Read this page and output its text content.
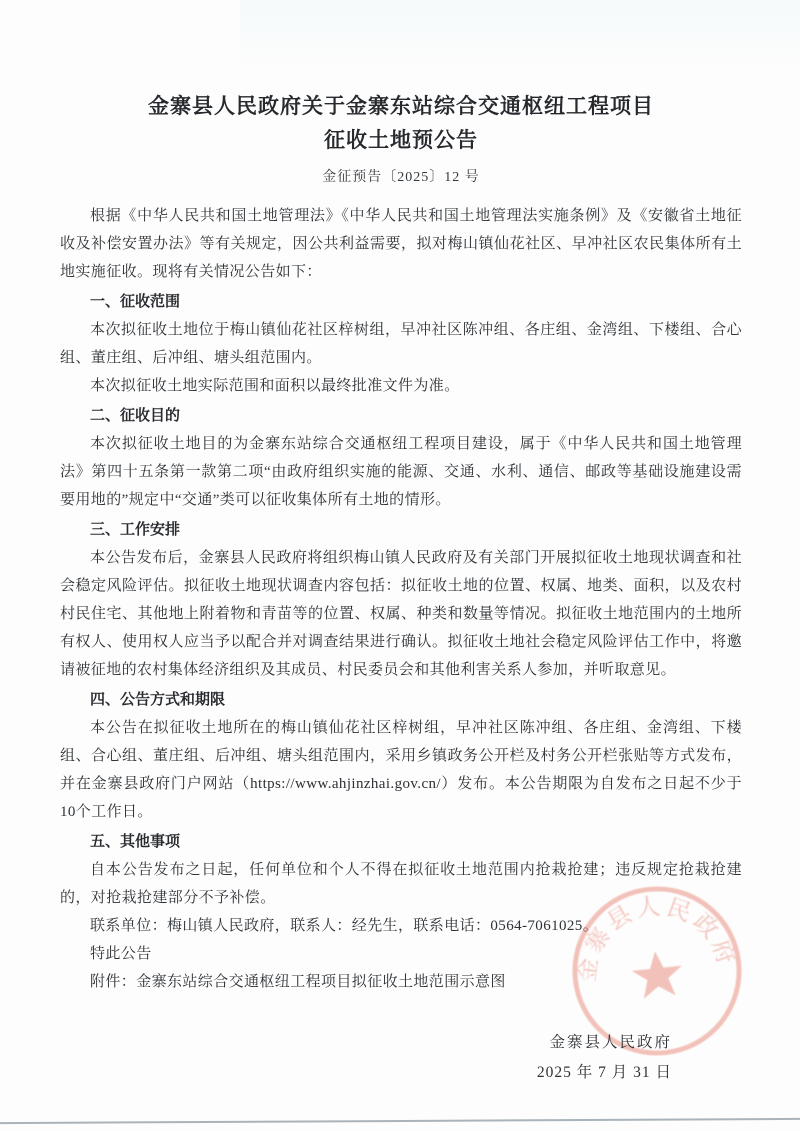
金寨县人民政府关于金寨东站综合交通枢纽工程项目
征收土地预公告
金征预告〔2025〕12 号

根据《中华人民共和国土地管理法》《中华人民共和国土地管理法实施条例》及《安徽省土地征收及补偿安置办法》等有关规定，因公共利益需要，拟对梅山镇仙花社区、早冲社区农民集体所有土地实施征收。现将有关情况公告如下：

一、征收范围

本次拟征收土地位于梅山镇仙花社区梓树组，早冲社区陈冲组、各庄组、金湾组、下楼组、合心组、董庄组、后冲组、塘头组范围内。

本次拟征收土地实际范围和面积以最终批准文件为准。

二、征收目的

本次拟征收土地目的为金寨东站综合交通枢纽工程项目建设，属于《中华人民共和国土地管理法》第四十五条第一款第二项“由政府组织实施的能源、交通、水利、通信、邮政等基础设施建设需要用地的”规定中“交通”类可以征收集体所有土地的情形。

三、工作安排

本公告发布后，金寨县人民政府将组织梅山镇人民政府及有关部门开展拟征收土地现状调查和社会稳定风险评估。拟征收土地现状调查内容包括：拟征收土地的位置、权属、地类、面积，以及农村村民住宅、其他地上附着物和青苗等的位置、权属、种类和数量等情况。拟征收土地范围内的土地所有权人、使用权人应当予以配合并对调查结果进行确认。拟征收土地社会稳定风险评估工作中，将邀请被征地的农村集体经济组织及其成员、村民委员会和其他利害关系人参加，并听取意见。

四、公告方式和期限

本公告在拟征收土地所在的梅山镇仙花社区梓树组，早冲社区陈冲组、各庄组、金湾组、下楼组、合心组、董庄组、后冲组、塘头组范围内，采用乡镇政务公开栏及村务公开栏张贴等方式发布，并在金寨县政府门户网站（https://www.ahjinzhai.gov.cn/）发布。本公告期限为自发布之日起不少于10个工作日。

五、其他事项

自本公告发布之日起，任何单位和个人不得在拟征收土地范围内抢栽抢建；违反规定抢栽抢建的，对抢栽抢建部分不予补偿。

联系单位：梅山镇人民政府，联系人：经先生，联系电话：0564-7061025。

特此公告

附件：金寨东站综合交通枢纽工程项目拟征收土地范围示意图

金寨县人民政府
2025 年 7 月 31 日
金寨县人民政府
